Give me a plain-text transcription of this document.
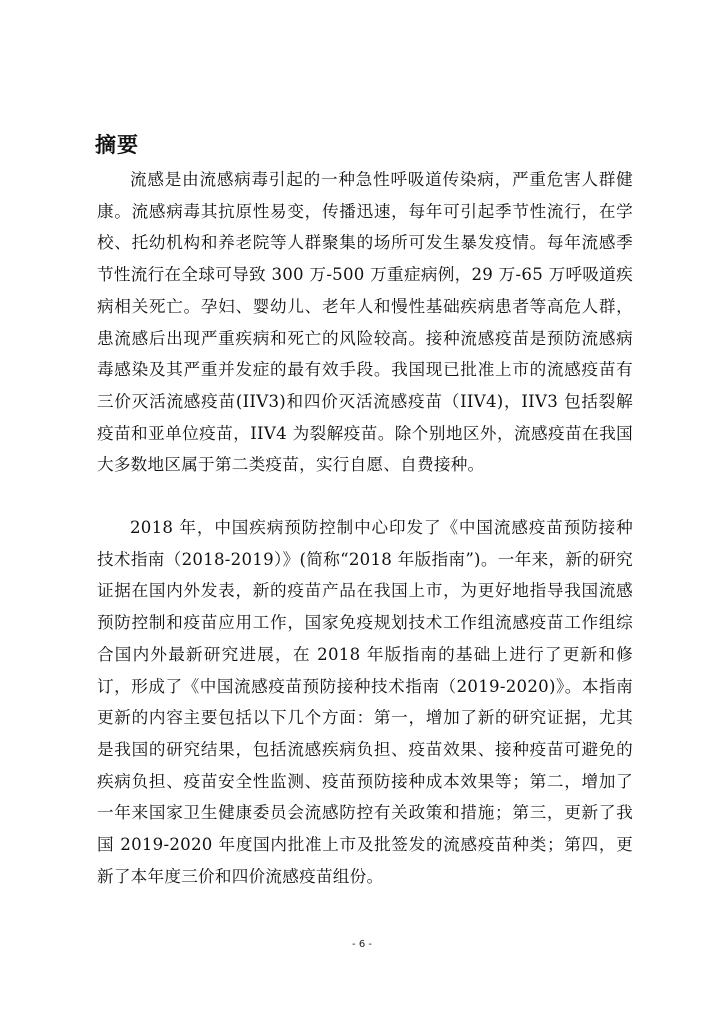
摘要

流感是由流感病毒引起的一种急性呼吸道传染病，严重危害人群健康。流感病毒其抗原性易变，传播迅速，每年可引起季节性流行，在学校、托幼机构和养老院等人群聚集的场所可发生暴发疫情。每年流感季节性流行在全球可导致 300 万-500 万重症病例，29 万-65 万呼吸道疾病相关死亡。孕妇、婴幼儿、老年人和慢性基础疾病患者等高危人群，患流感后出现严重疾病和死亡的风险较高。接种流感疫苗是预防流感病毒感染及其严重并发症的最有效手段。我国现已批准上市的流感疫苗有三价灭活流感疫苗(IIV3)和四价灭活流感疫苗（IIV4)，IIV3 包括裂解疫苗和亚单位疫苗，IIV4 为裂解疫苗。除个别地区外，流感疫苗在我国大多数地区属于第二类疫苗，实行自愿、自费接种。

2018 年，中国疾病预防控制中心印发了《中国流感疫苗预防接种技术指南（2018-2019）》(简称“2018 年版指南”)。一年来，新的研究证据在国内外发表，新的疫苗产品在我国上市，为更好地指导我国流感预防控制和疫苗应用工作，国家免疫规划技术工作组流感疫苗工作组综合国内外最新研究进展，在 2018 年版指南的基础上进行了更新和修订，形成了《中国流感疫苗预防接种技术指南（2019-2020)》。本指南更新的内容主要包括以下几个方面：第一，增加了新的研究证据，尤其是我国的研究结果，包括流感疾病负担、疫苗效果、接种疫苗可避免的疾病负担、疫苗安全性监测、疫苗预防接种成本效果等；第二，增加了一年来国家卫生健康委员会流感防控有关政策和措施；第三，更新了我国 2019-2020 年度国内批准上市及批签发的流感疫苗种类；第四，更新了本年度三价和四价流感疫苗组份。

- 6 -
